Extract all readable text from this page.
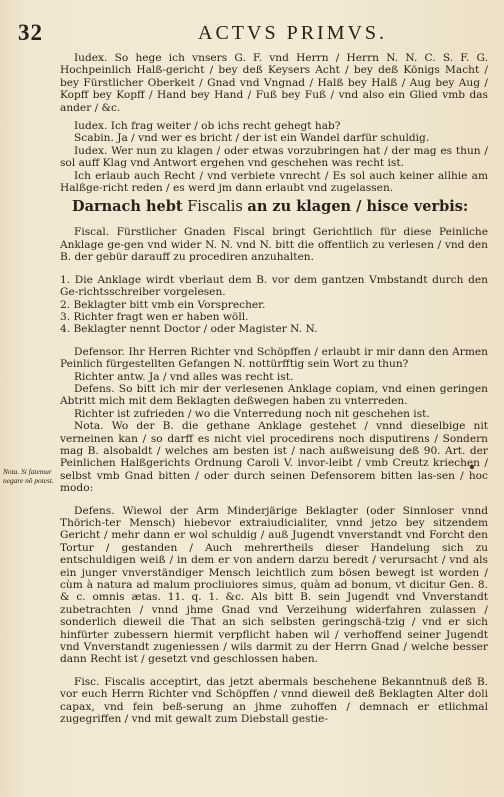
32	ACTVS PRIMVS.
Nota. Si fatemur
negare nō potest.

Iudex. So hege ich vnsers G. F. vnd Herrn / Herrn N. N. C. S. F. G. Hochpeinlich Halß-gericht / bey deß Keysers Acht / bey deß Königs Macht / bey Fürstlicher Oberkeit / Gnad vnd Vngnad / Halß bey Halß / Aug bey Aug / Kopff bey Kopff / Hand bey Hand / Fuß bey Fuß / vnd also ein Glied vmb das ander / &c.

Iudex. Ich frag weiter / ob ichs recht gehegt hab?

Scabin. Ja / vnd wer es bricht / der ist ein Wandel darfür schuldig.

Iudex. Wer nun zu klagen / oder etwas vorzubringen hat / der mag es thun / sol auff Klag vnd Antwort ergehen vnd geschehen was recht ist.

Ich erlaub auch Recht / vnd verbiete vnrecht / Es sol auch keiner allhie am Halßge-richt reden / es werd jm dann erlaubt vnd zugelassen.

Darnach hebt Fiscalis an zu klagen / hisce verbis:

Fiscal. Fürstlicher Gnaden Fiscal bringt Gerichtlich für diese Peinliche Anklage ge-gen vnd wider N. N. vnd N. bitt die offentlich zu verlesen / vnd den B. der gebür darauff zu procediren anzuhalten.

1. Die Anklage wirdt vberlaut dem B. vor dem gantzen Vmbstandt durch den Ge-richtsschreiber vorgelesen.

2. Beklagter bitt vmb ein Vorsprecher.

3. Richter fragt wen er haben wöll.

4. Beklagter nennt Doctor / oder Magister N. N.

Defensor. Ihr Herren Richter vnd Schöpffen / erlaubt ir mir dann den Armen Peinlich fürgestellten Gefangen N. nottürfftig sein Wort zu thun?

Richter antw. Ja / vnd alles was recht ist.

Defens. So bitt ich mir der verlesenen Anklage copiam, vnd einen geringen Abtritt mich mit dem Beklagten deßwegen haben zu vnterreden.

Richter ist zufrieden / wo die Vnterredung noch nit geschehen ist.

Nota. Wo der B. die gethane Anklage gestehet / vnnd dieselbige nit verneinen kan / so darff es nicht viel procedirens noch disputirens / Sondern mag B. alsobaldt / welches am besten ist / nach außweisung deß 90. Art. der Peinlichen Halßgerichts Ordnung Caroli V. invor-leibt / vmb Creutz kriechen / selbst vmb Gnad bitten / oder durch seinen Defensorem bitten las-sen / hoc modo:

Defens. Wiewol der Arm Minderjärige Beklagter (oder Sinnloser vnnd Thörich-ter Mensch) hiebevor extraiudicialiter, vnnd jetzo bey sitzendem Gericht / mehr dann er wol schuldig / auß Jugendt vnverstandt vnd Forcht den Tortur / gestanden / Auch mehrertheils dieser Handelung sich zu entschuldigen weiß / in dem er von andern darzu beredt / verursacht / vnd als ein junger vnverständiger Mensch leichtlich zum bösen bewegt ist worden / cùm à natura ad malum procliuiores simus, quàm ad bonum, vt dicitur Gen. 8. & c. omnis ætas. 11. q. 1. &c. Als bitt B. sein Jugendt vnd Vnverstandt zubetrachten / vnnd jhme Gnad vnd Verzeihung widerfahren zulassen / sonderlich dieweil die That an sich selbsten geringschä-tzig / vnd er sich hinfürter zubessern hiermit verpflicht haben wil / verhoffend seiner Jugendt vnd Vnverstandt zugeniessen / wils darmit zu der Herrn Gnad / welche besser dann Recht ist / gesetzt vnd geschlossen haben.

Fisc. Fiscalis acceptirt, das jetzt abermals beschehene Bekanntnuß deß B. vor euch Herrn Richter vnd Schöpffen / vnnd dieweil deß Beklagten Alter doli capax, vnd fein beß-serung an jhme zuhoffen / demnach er etlichmal zugegriffen / vnd mit gewalt zum Diebstall gestie-
